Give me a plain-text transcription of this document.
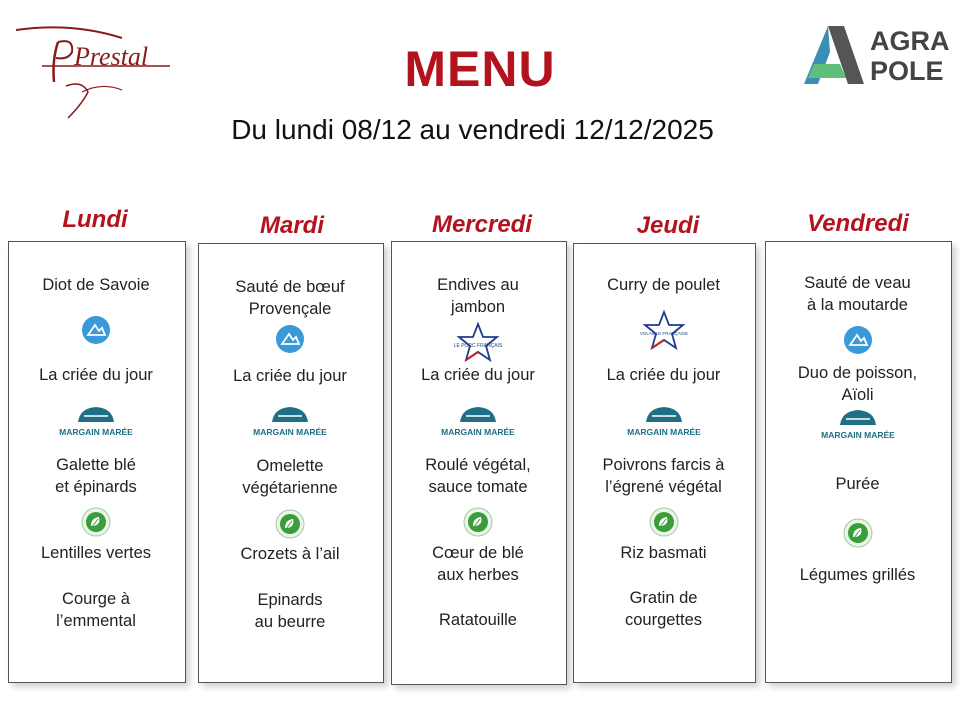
Prestal
AGRA
POLE
MENU
Du lundi 08/12 au vendredi 12/12/2025
Lundi	Mardi	Mercredi	Jeudi	Vendredi
Diot de Savoie
La criée du jour
MARGAIN MARÉE
Galette blé
et épinards
Lentilles vertes
Courge à
l’emmental
Sauté de bœuf
Provençale
La criée du jour
MARGAIN MARÉE
Omelette
végétarienne
Crozets à l’ail
Epinards
au beurre
Endives au
jambon
LE PORC FRANÇAIS
La criée du jour
MARGAIN MARÉE
Roulé végétal,
sauce tomate
Cœur de blé
aux herbes
Ratatouille
Curry de poulet
VOLAILLE FRANÇAISE
La criée du jour
MARGAIN MARÉE
Poivrons farcis à
l’égrené végétal
Riz basmati
Gratin de
courgettes
Sauté de veau
à la moutarde
Duo de poisson,
Aïoli
MARGAIN MARÉE
Purée
Légumes grillés
